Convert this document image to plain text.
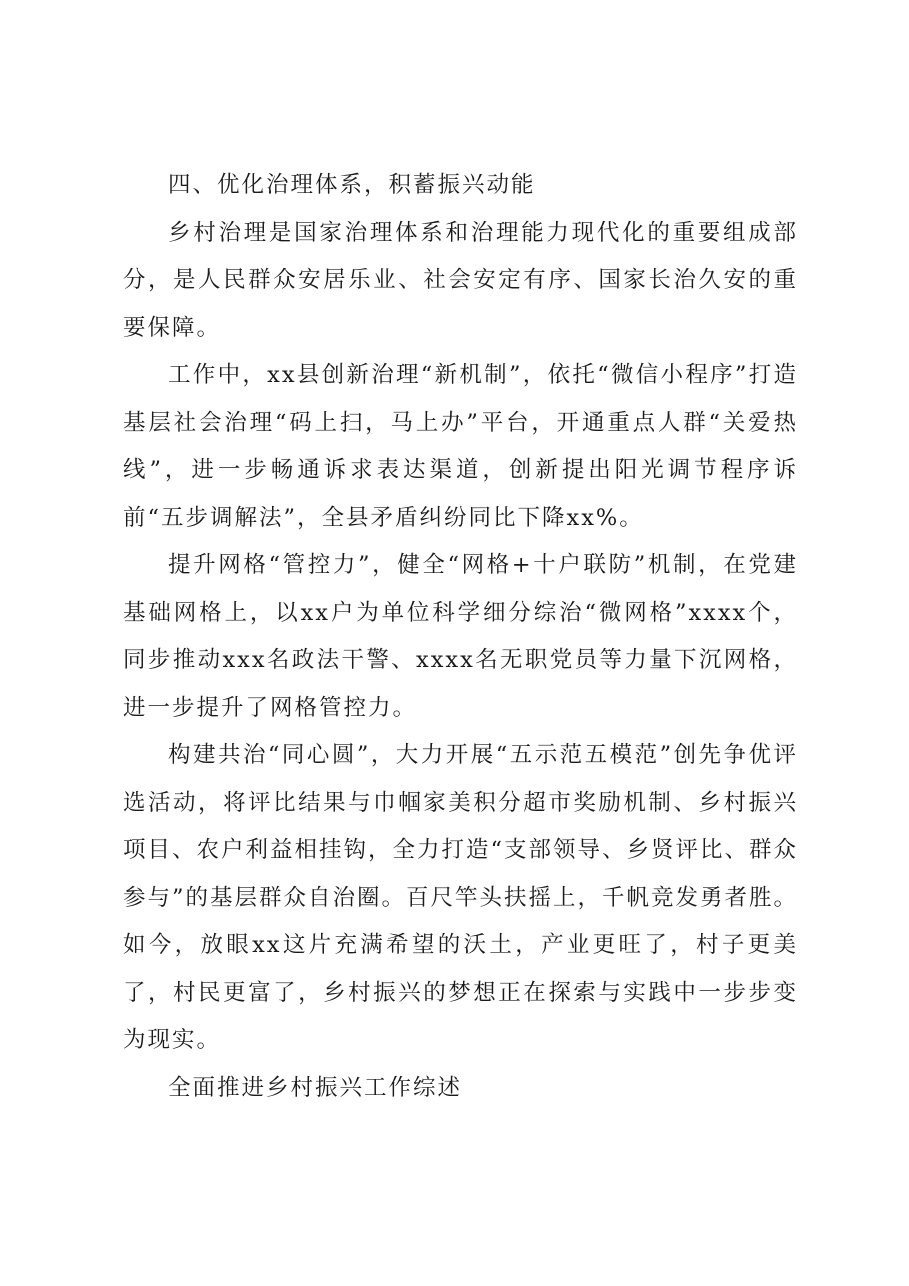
四、优化治理体系，积蓄振兴动能

乡村治理是国家治理体系和治理能力现代化的重要组成部分，是人民群众安居乐业、社会安定有序、国家长治久安的重要保障。

工作中，xx县创新治理“新机制”，依托“微信小程序”打造基层社会治理“码上扫，马上办”平台，开通重点人群“关爱热线”，进一步畅通诉求表达渠道，创新提出阳光调节程序诉前“五步调解法”，全县矛盾纠纷同比下降xx%。

提升网格“管控力”，健全“网格+十户联防”机制，在党建基础网格上，以xx户为单位科学细分综治“微网格”xxxx个，同步推动xxx名政法干警、xxxx名无职党员等力量下沉网格，进一步提升了网格管控力。

构建共治“同心圆”，大力开展“五示范五模范”创先争优评选活动，将评比结果与巾帼家美积分超市奖励机制、乡村振兴项目、农户利益相挂钩，全力打造“支部领导、乡贤评比、群众参与”的基层群众自治圈。百尺竿头扶摇上，千帆竞发勇者胜。如今，放眼xx这片充满希望的沃土，产业更旺了，村子更美了，村民更富了，乡村振兴的梦想正在探索与实践中一步步变为现实。

全面推进乡村振兴工作综述
